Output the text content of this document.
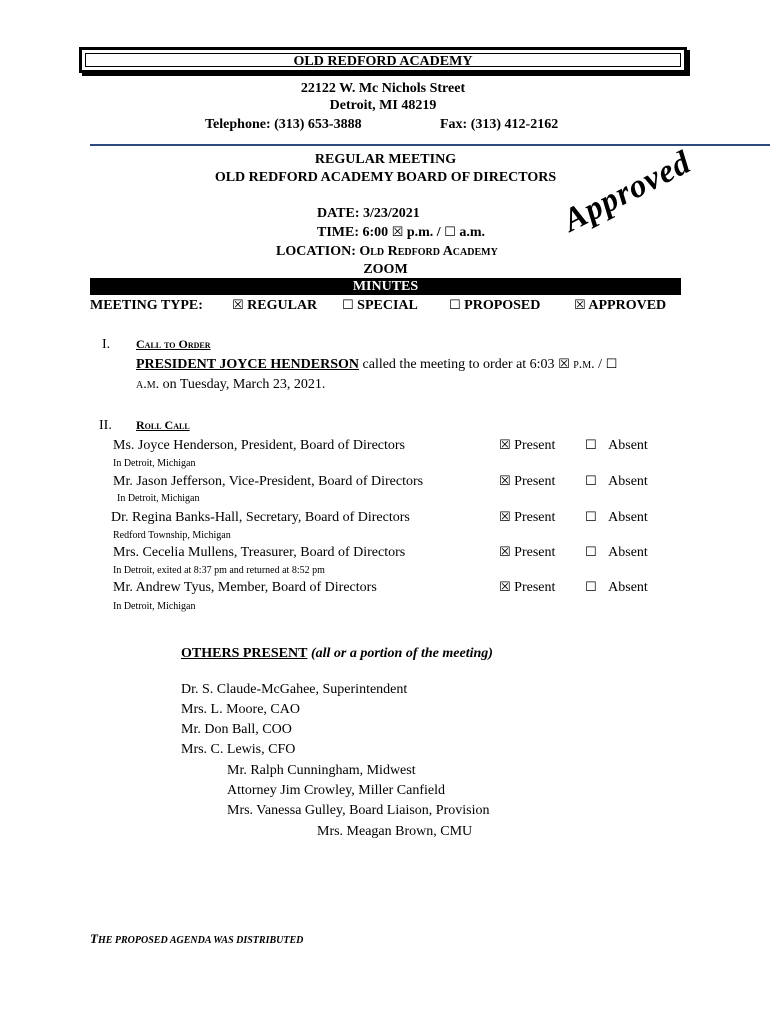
OLD REDFORD ACADEMY
22122 W. Mc Nichols Street
Detroit, MI 48219
Telephone: (313) 653-3888	Fax: (313) 412-2162
REGULAR MEETING
OLD REDFORD ACADEMY BOARD OF DIRECTORS Approved
DATE: 3/23/2021
TIME: 6:00 ☒ p.m. / ☐ a.m.
LOCATION: Old Redford Academy
ZOOM
MINUTES
MEETING TYPE: ☒ REGULAR ☐ SPECIAL ☐ PROPOSED	☒ APPROVED
I. Call to Order
PRESIDENT JOYCE HENDERSON called the meeting to order at 6:03 ☒ p.m. / ☐
a.m. on Tuesday, March 23, 2021.
II. Roll Call
Ms. Joyce Henderson, President, Board of Directors
In Detroit, Michigan
Mr. Jason Jefferson, Vice-President, Board of Directors
In Detroit, Michigan
Dr. Regina Banks-Hall, Secretary, Board of Directors
Redford Township, Michigan
Mrs. Cecelia Mullens, Treasurer, Board of Directors
In Detroit, exited at 8:37 pm and returned at 8:52 pm
Mr. Andrew Tyus, Member, Board of Directors
In Detroit, Michigan
☒ Present ☐ Absent
☒ Present ☐ Absent
☒ Present ☐ Absent
☒ Present ☐ Absent
☒ Present ☐ Absent
OTHERS PRESENT (all or a portion of the meeting)
Dr. S. Claude-McGahee, Superintendent
Mrs. L. Moore, CAO
Mr. Don Ball, COO
Mrs. C. Lewis, CFO
Mr. Ralph Cunningham, Midwest
Attorney Jim Crowley, Miller Canfield
Mrs. Vanessa Gulley, Board Liaison, Provision
Mrs. Meagan Brown, CMU
THE PROPOSED AGENDA WAS DISTRIBUTED
